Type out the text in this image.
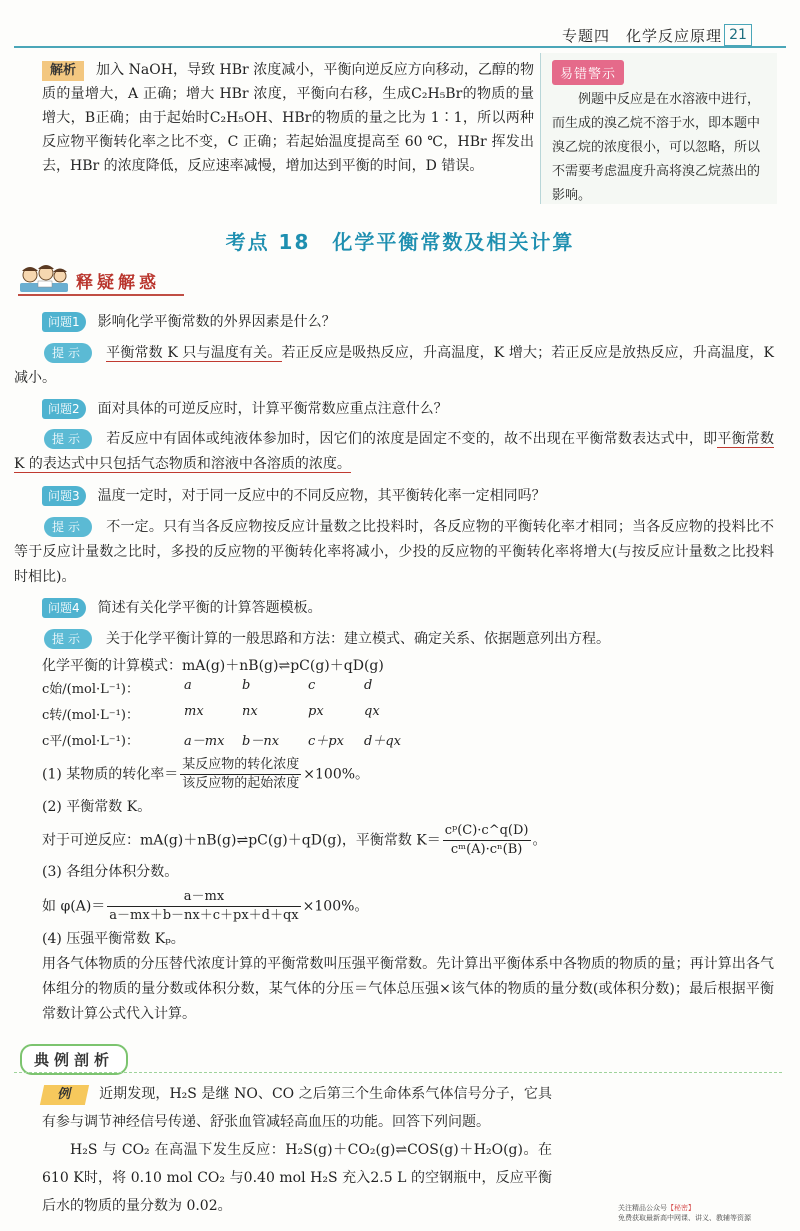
专题四　化学反应原理 21
解析 加入 NaOH，导致 HBr 浓度减小，平衡向逆反应方向移动，乙醇的物质的量增大，A 正确；增大 HBr 浓度，平衡向右移，生成C₂H₅Br的物质的量增大，B正确；由于起始时C₂H₅OH、HBr的物质的量之比为 1∶1，所以两种反应物平衡转化率之比不变，C 正确；若起始温度提高至 60 ℃，HBr 挥发出去，HBr 的浓度降低，反应速率减慢，增加达到平衡的时间，D 错误。
易错警示
例题中反应是在水溶液中进行，而生成的溴乙烷不溶于水，即本题中溴乙烷的浓度很小，可以忽略，所以不需要考虑温度升高将溴乙烷蒸出的影响。
考点 18　化学平衡常数及相关计算
释疑解惑
问题1 影响化学平衡常数的外界因素是什么？
提示 平衡常数 K 只与温度有关。若正反应是吸热反应，升高温度，K 增大；若正反应是放热反应，升高温度，K 减小。
问题2 面对具体的可逆反应时，计算平衡常数应重点注意什么？
提示 若反应中有固体或纯液体参加时，因它们的浓度是固定不变的，故不出现在平衡常数表达式中，即平衡常数 K 的表达式中只包括气态物质和溶液中各溶质的浓度。
问题3 温度一定时，对于同一反应中的不同反应物，其平衡转化率一定相同吗？
提示 不一定。只有当各反应物按反应计量数之比投料时，各反应物的平衡转化率才相同；当各反应物的投料比不等于反应计量数之比时，多投的反应物的平衡转化率将减小，少投的反应物的平衡转化率将增大(与按反应计量数之比投料时相比)。
问题4 简述有关化学平衡的计算答题模板。
提示 关于化学平衡计算的一般思路和方法：建立模式、确定关系、依据题意列出方程。
化学平衡的计算模式：mA(g)＋nB(g)⇌pC(g)＋qD(g)
c始/(mol·L⁻¹)：	a	b	c	d
c转/(mol·L⁻¹)：	mx	nx	px	qx
c平/(mol·L⁻¹)：	a－mx b－nx c＋px d＋qx
(1) 某物质的转化率＝ $\frac{\text{某反应物的转化浓度}}{\text{该反应物的起始浓度}} \times 100\%$。
(2) 平衡常数 K。
对于可逆反应：mA(g)＋nB(g)⇌pC(g)＋qD(g)，平衡常数 $K= \frac{\text{cᵖ(C)·c\textasciicircum{}q(D)}}{\text{cᵐ(A)·cⁿ(B)}}$ 。
(3) 各组分体积分数。
如 $\varphi(A)= \frac{a-mx}{a-mx+b-nx+c+px+d+qx} \times 100\%$。
(4) 压强平衡常数 Kₚ。
用各气体物质的分压替代浓度计算的平衡常数叫压强平衡常数。先计算出平衡体系中各物质的物质的量；再计算出各气体组分的物质的量分数或体积分数，某气体的分压＝气体总压强×该气体的物质的量分数(或体积分数)；最后根据平衡常数计算公式代入计算。
典例剖析
例 近期发现，H₂S 是继 NO、CO 之后第三个生命体系气体信号分子，它具有参与调节神经信号传递、舒张血管减轻高血压的功能。回答下列问题。
H₂S 与 CO₂ 在高温下发生反应：H₂S(g)＋CO₂(g)⇌COS(g)＋H₂O(g)。在 610 K时，将 0.10 mol CO₂ 与0.40 mol H₂S 充入2.5 L 的空钢瓶中，反应平衡后水的物质的量分数为 0.02。	关注精品公众号【秘密】
免费获取最新高中网课、讲义、教辅等资源
